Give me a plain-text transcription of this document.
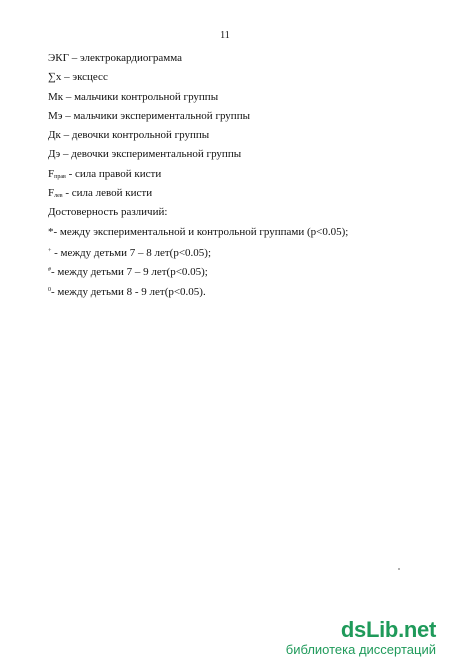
11
ЭКГ – электрокардиограмма
∑x – эксцесс
Мк – мальчики контрольной группы
Мэ – мальчики экспериментальной группы
Дк – девочки контрольной группы
Дэ – девочки экспериментальной группы
Fправ - сила правой кисти
Fлев - сила левой кисти
Достоверность различий:
*- между экспериментальной и контрольной группами (р<0.05);
+ - между детьми 7 – 8 лет(р<0.05);
#- между детьми 7 – 9 лет(р<0.05);
$^0$- между детьми 8 - 9 лет(р<0.05).
dsLib.net
библиотека диссертаций
